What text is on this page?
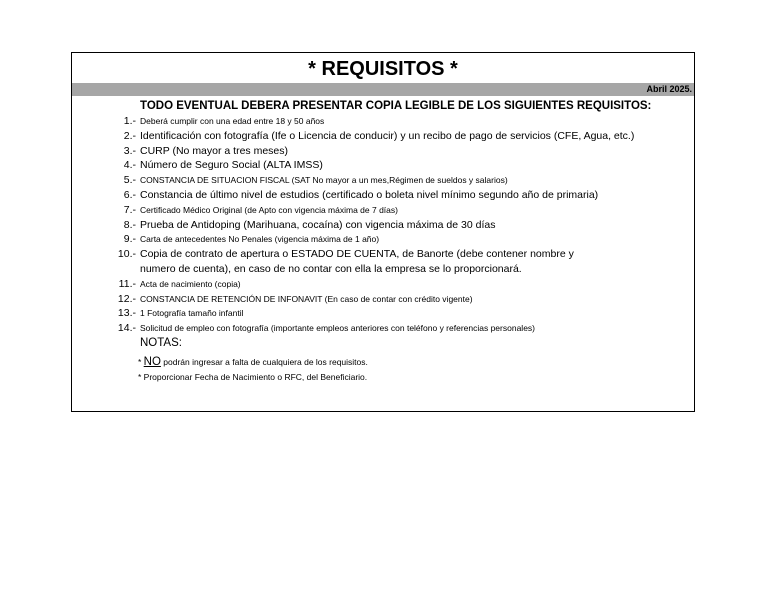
* REQUISITOS *
Abril 2025.
TODO EVENTUAL DEBERA PRESENTAR COPIA LEGIBLE DE LOS SIGUIENTES REQUISITOS:
1.- Deberá cumplir con una edad entre 18 y 50 años
2.- Identificación con fotografía (Ife o Licencia de conducir) y un recibo de pago de servicios (CFE, Agua, etc.)
3.- CURP (No mayor a tres meses)
4.- Número de Seguro Social (ALTA IMSS)
5.- CONSTANCIA DE SITUACION FISCAL (SAT No mayor a un mes,Régimen de sueldos y salarios)
6.- Constancia de último nivel de estudios (certificado o boleta nivel mínimo segundo año de primaria)
7.- Certificado Médico Original (de Apto con vigencia máxima de 7 días)
8.- Prueba de Antidoping (Marihuana, cocaína) con vigencia máxima de 30 días
9.- Carta de antecedentes No Penales (vigencia máxima de 1 año)
10.- Copia de contrato de apertura o ESTADO DE CUENTA, de Banorte (debe contener nombre y
numero de cuenta), en caso de no contar con ella la empresa se lo proporcionará.
11.- Acta de nacimiento (copia)
12.- CONSTANCIA DE RETENCIÓN DE INFONAVIT (En caso de contar con crédito vigente)
13.- 1 Fotografía tamaño infantil
14.- Solicitud de empleo con fotografía (importante empleos anteriores con teléfono y referencias personales)
NOTAS:
* NO podrán ingresar a falta de cualquiera de los requisitos.
* Proporcionar Fecha de Nacimiento o RFC, del Beneficiario.
